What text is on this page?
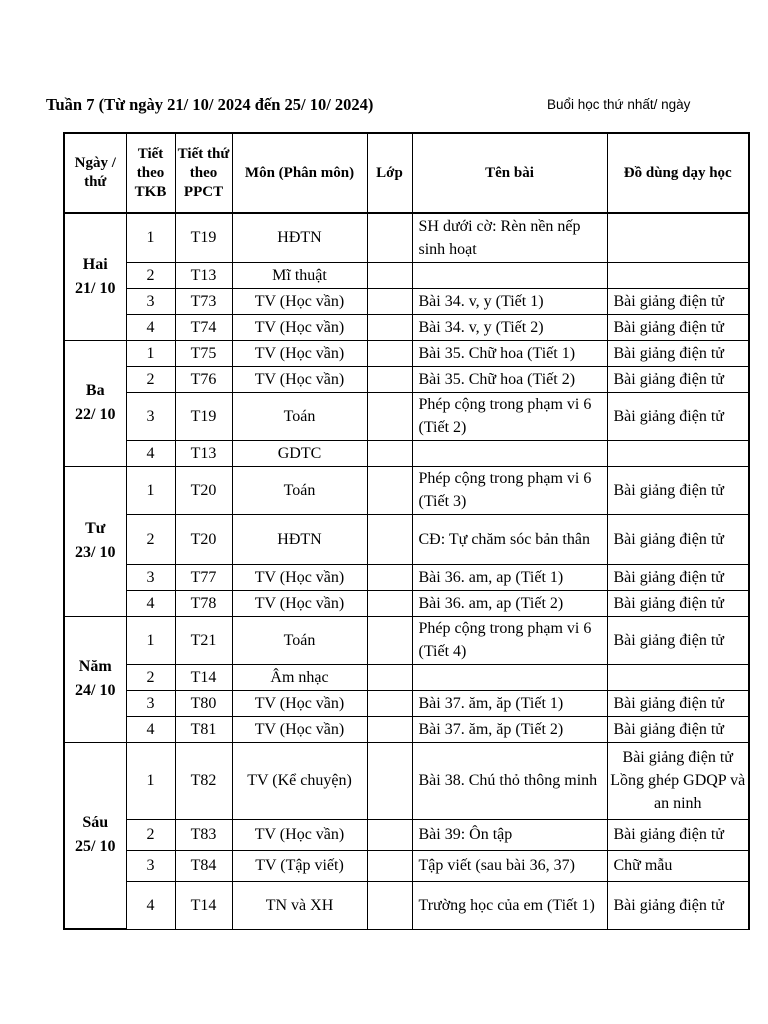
Tuần 7 (Từ ngày 21/ 10/ 2024 đến 25/ 10/ 2024)	Buổi học thứ nhất/ ngày
Ngày / thứ	Tiết theo TKB	Tiết thứ theo PPCT	Môn (Phân môn)	Lớp	Tên bài	Đồ dùng dạy học

Hai
21/ 10	1	T19	HĐTN		SH dưới cờ: Rèn nền nếp sinh hoạt	
	2	T13	Mĩ thuật			
	3	T73	TV (Học vần)		Bài 34. v, y (Tiết 1)	Bài giảng điện tử
	4	T74	TV (Học vần)		Bài 34. v, y (Tiết 2)	Bài giảng điện tử

Ba
22/ 10	1	T75	TV (Học vần)		Bài 35. Chữ hoa (Tiết 1)	Bài giảng điện tử
	2	T76	TV (Học vần)		Bài 35. Chữ hoa (Tiết 2)	Bài giảng điện tử
	3	T19	Toán		Phép cộng trong phạm vi 6 (Tiết 2)	Bài giảng điện tử
	4	T13	GDTC			

Tư
23/ 10	1	T20	Toán		Phép cộng trong phạm vi 6 (Tiết 3)	Bài giảng điện tử
	2	T20	HĐTN		CĐ: Tự chăm sóc bản thân	Bài giảng điện tử
	3	T77	TV (Học vần)		Bài 36. am, ap (Tiết 1)	Bài giảng điện tử
	4	T78	TV (Học vần)		Bài 36. am, ap (Tiết 2)	Bài giảng điện tử

Năm
24/ 10	1	T21	Toán		Phép cộng trong phạm vi 6 (Tiết 4)	Bài giảng điện tử
	2	T14	Âm nhạc			
	3	T80	TV (Học vần)		Bài 37. ăm, ăp (Tiết 1)	Bài giảng điện tử
	4	T81	TV (Học vần)		Bài 37. ăm, ăp (Tiết 2)	Bài giảng điện tử

Sáu
25/ 10	1	T82	TV (Kể chuyện)		Bài 38. Chú thỏ thông minh	Bài giảng điện tử Lồng ghép GDQP và an ninh
	2	T83	TV (Học vần)		Bài 39: Ôn tập	Bài giảng điện tử
	3	T84	TV (Tập viết)		Tập viết (sau bài 36, 37)	Chữ mẫu
	4	T14	TN và XH		Trường học của em (Tiết 1)	Bài giảng điện tử
